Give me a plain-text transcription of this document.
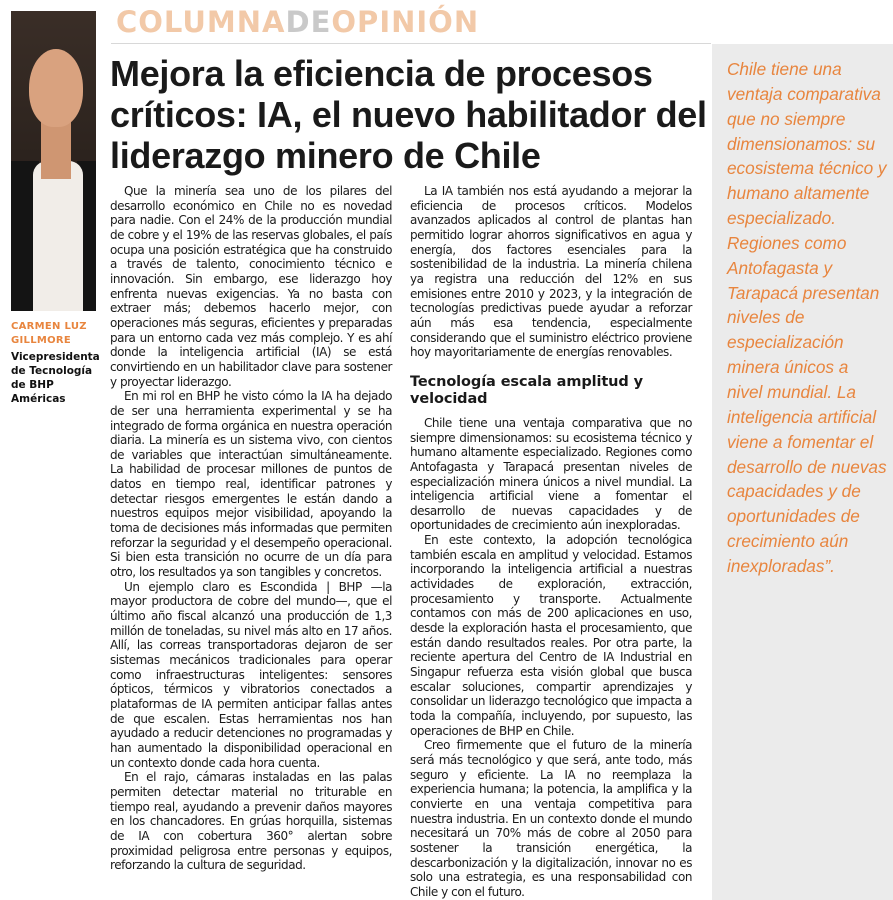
COLUMNADEOPINIÓN
CARMEN LUZ GILLMORE
Vicepresidenta de Tecnología de BHP Américas
Mejora la eficiencia de procesos críticos: IA, el nuevo habilitador del liderazgo minero de Chile

Que la minería sea uno de los pilares del desarrollo económico en Chile no es novedad para nadie. Con el 24% de la producción mundial de cobre y el 19% de las reservas globales, el país ocupa una posición estratégica que ha construido a través de talento, conocimiento técnico e innovación. Sin embargo, ese liderazgo hoy enfrenta nuevas exigencias. Ya no basta con extraer más; debemos hacerlo mejor, con operaciones más seguras, eficientes y preparadas para un entorno cada vez más complejo. Y es ahí donde la inteligencia artificial (IA) se está convirtiendo en un habilitador clave para sostener y proyectar liderazgo.

En mi rol en BHP he visto cómo la IA ha dejado de ser una herramienta experimental y se ha integrado de forma orgánica en nuestra operación diaria. La minería es un sistema vivo, con cientos de variables que interactúan simultáneamente. La habilidad de procesar millones de puntos de datos en tiempo real, identificar patrones y detectar riesgos emergentes le están dando a nuestros equipos mejor visibilidad, apoyando la toma de decisiones más informadas que permiten reforzar la seguridad y el desempeño operacional. Si bien esta transición no ocurre de un día para otro, los resultados ya son tangibles y concretos.

Un ejemplo claro es Escondida | BHP —la mayor productora de cobre del mundo—, que el último año fiscal alcanzó una producción de 1,3 millón de toneladas, su nivel más alto en 17 años. Allí, las correas transportadoras dejaron de ser sistemas mecánicos tradicionales para operar como infraestructuras inteligentes: sensores ópticos, térmicos y vibratorios conectados a plataformas de IA permiten anticipar fallas antes de que escalen. Estas herramientas nos han ayudado a reducir detenciones no programadas y han aumentado la disponibilidad operacional en un contexto donde cada hora cuenta.

En el rajo, cámaras instaladas en las palas permiten detectar material no triturable en tiempo real, ayudando a prevenir daños mayores en los chancadores. En grúas horquilla, sistemas de IA con cobertura 360° alertan sobre proximidad peligrosa entre personas y equipos, reforzando la cultura de seguridad.

La IA también nos está ayudando a mejorar la eficiencia de procesos críticos. Modelos avanzados aplicados al control de plantas han permitido lograr ahorros significativos en agua y energía, dos factores esenciales para la sostenibilidad de la industria. La minería chilena ya registra una reducción del 12% en sus emisiones entre 2010 y 2023, y la integración de tecnologías predictivas puede ayudar a reforzar aún más esa tendencia, especialmente considerando que el suministro eléctrico proviene hoy mayoritariamente de energías renovables.

Tecnología escala amplitud y velocidad

Chile tiene una ventaja comparativa que no siempre dimensionamos: su ecosistema técnico y humano altamente especializado. Regiones como Antofagasta y Tarapacá presentan niveles de especialización minera únicos a nivel mundial. La inteligencia artificial viene a fomentar el desarrollo de nuevas capacidades y de oportunidades de crecimiento aún inexploradas.

En este contexto, la adopción tecnológica también escala en amplitud y velocidad. Estamos incorporando la inteligencia artificial a nuestras actividades de exploración, extracción, procesamiento y transporte. Actualmente contamos con más de 200 aplicaciones en uso, desde la exploración hasta el procesamiento, que están dando resultados reales. Por otra parte, la reciente apertura del Centro de IA Industrial en Singapur refuerza esta visión global que busca escalar soluciones, compartir aprendizajes y consolidar un liderazgo tecnológico que impacta a toda la compañía, incluyendo, por supuesto, las operaciones de BHP en Chile.

Creo firmemente que el futuro de la minería será más tecnológico y que será, ante todo, más seguro y eficiente. La IA no reemplaza la experiencia humana; la potencia, la amplifica y la convierte en una ventaja competitiva para nuestra industria. En un contexto donde el mundo necesitará un 70% más de cobre al 2050 para sostener la transición energética, la descarbonización y la digitalización, innovar no es solo una estrategia, es una responsabilidad con Chile y con el futuro.

Chile tiene una ventaja comparativa que no siempre dimensionamos: su ecosistema técnico y humano altamente especializado. Regiones como Antofagasta y Tarapacá presentan niveles de especialización minera únicos a nivel mundial. La inteligencia artificial viene a fomentar el desarrollo de nuevas capacidades y de oportunidades de crecimiento aún inexploradas”.
